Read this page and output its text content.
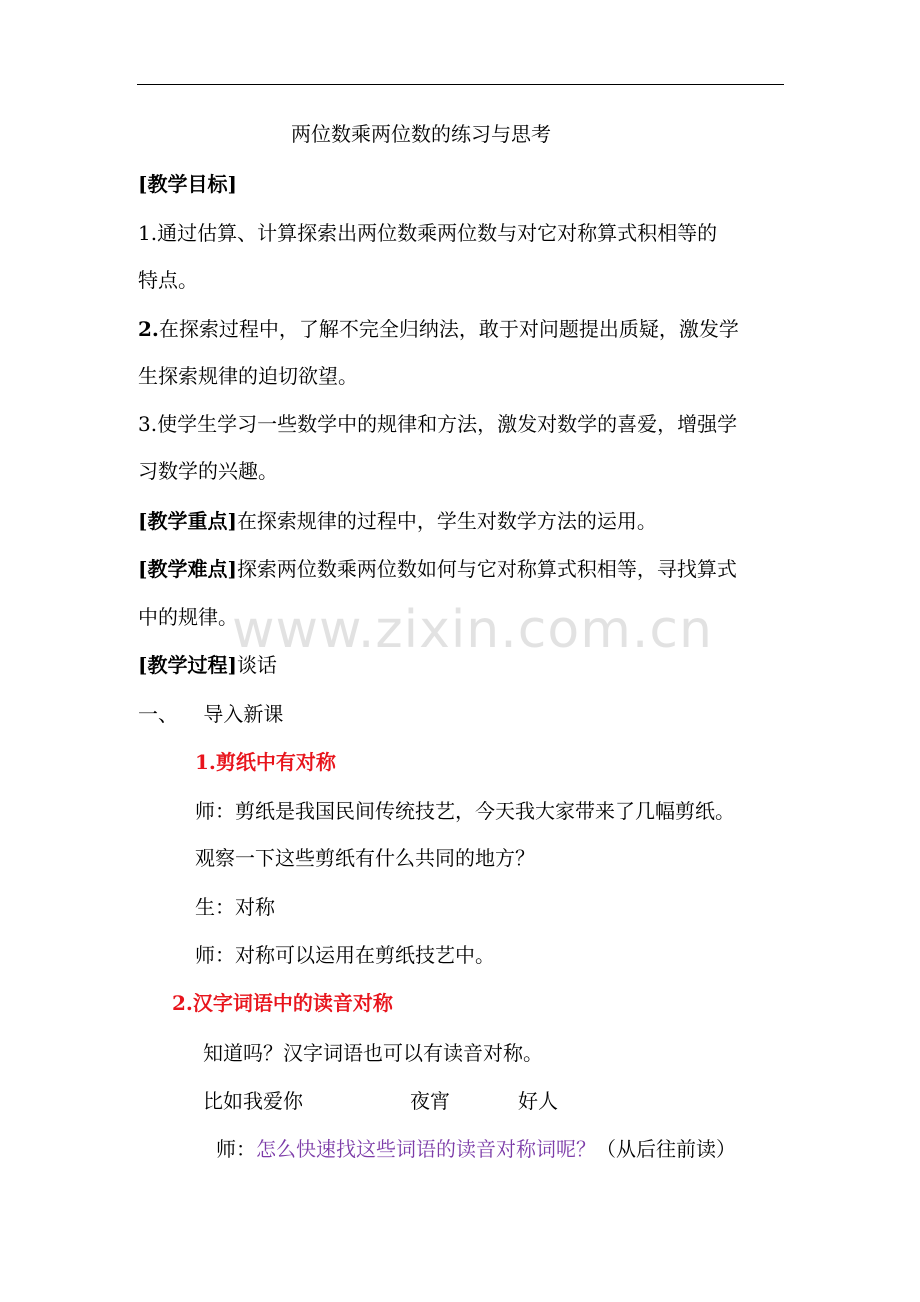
两位数乘两位数的练习与思考
[教学目标]
1.通过估算、计算探索出两位数乘两位数与对它对称算式积相等的
特点。
2.在探索过程中，了解不完全归纳法，敢于对问题提出质疑，激发学
生探索规律的迫切欲望。
3.使学生学习一些数学中的规律和方法，激发对数学的喜爱，增强学
习数学的兴趣。
[教学重点]在探索规律的过程中，学生对数学方法的运用。
[教学难点]探索两位数乘两位数如何与它对称算式积相等，寻找算式
中的规律。
[教学过程]谈话
一、    导入新课
1.剪纸中有对称
师：剪纸是我国民间传统技艺，今天我大家带来了几幅剪纸。
观察一下这些剪纸有什么共同的地方？
生：对称
师：对称可以运用在剪纸技艺中。
2.汉字词语中的读音对称
知道吗？汉字词语也可以有读音对称。
比如我爱你	夜宵	好人
师：怎么快速找这些词语的读音对称词呢？（从后往前读）
www.zixin.com.cn
